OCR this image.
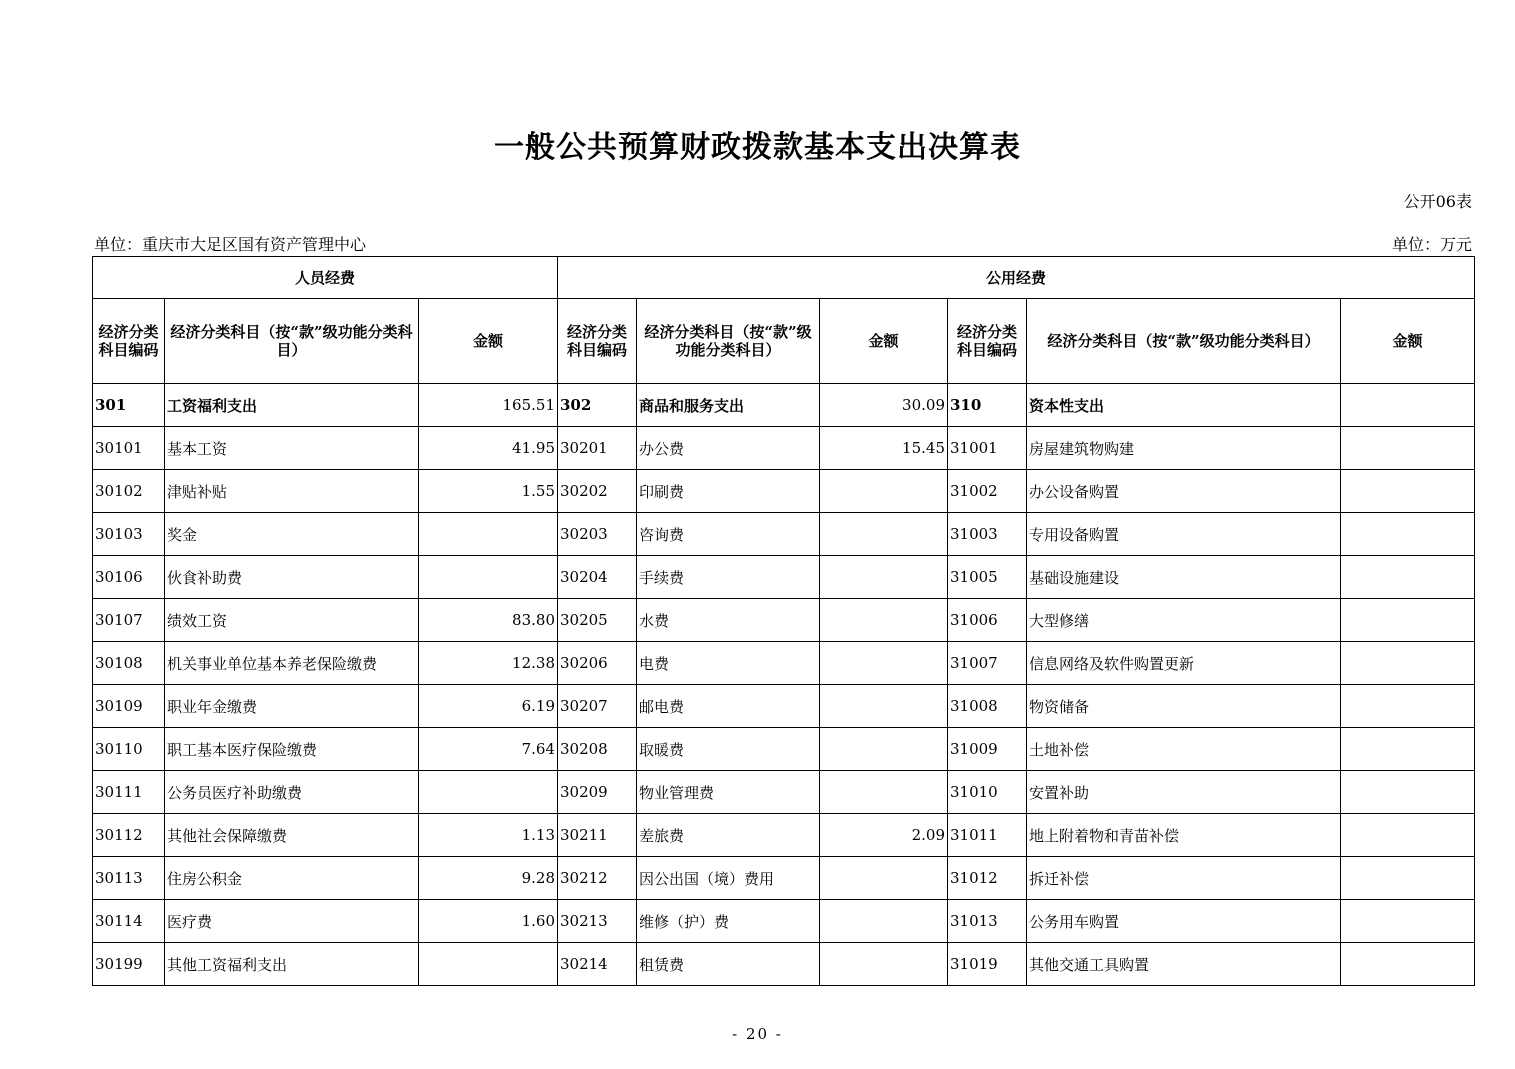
一般公共预算财政拨款基本支出决算表
公开06表
单位：重庆市大足区国有资产管理中心	单位：万元
人员经费			公用经费					
经济分类科目编码	经济分类科目（按“款”级功能分类科目）	金额	经济分类科目编码	经济分类科目（按“款”级功能分类科目）	金额	经济分类科目编码	经济分类科目（按“款”级功能分类科目）	金额
301	工资福利支出	165.51	302	商品和服务支出	30.09	310	资本性支出	
30101	基本工资	41.95	30201	办公费	15.45	31001	房屋建筑物购建	
30102	津贴补贴	1.55	30202	印刷费		31002	办公设备购置	
30103	奖金		30203	咨询费		31003	专用设备购置	
30106	伙食补助费		30204	手续费		31005	基础设施建设	
30107	绩效工资	83.80	30205	水费		31006	大型修缮	
30108	机关事业单位基本养老保险缴费	12.38	30206	电费		31007	信息网络及软件购置更新	
30109	职业年金缴费	6.19	30207	邮电费		31008	物资储备	
30110	职工基本医疗保险缴费	7.64	30208	取暖费		31009	土地补偿	
30111	公务员医疗补助缴费		30209	物业管理费		31010	安置补助	
30112	其他社会保障缴费	1.13	30211	差旅费	2.09	31011	地上附着物和青苗补偿	
30113	住房公积金	9.28	30212	因公出国（境）费用		31012	拆迁补偿	
30114	医疗费	1.60	30213	维修（护）费		31013	公务用车购置	
30199	其他工资福利支出		30214	租赁费		31019	其他交通工具购置	
- 20 -
